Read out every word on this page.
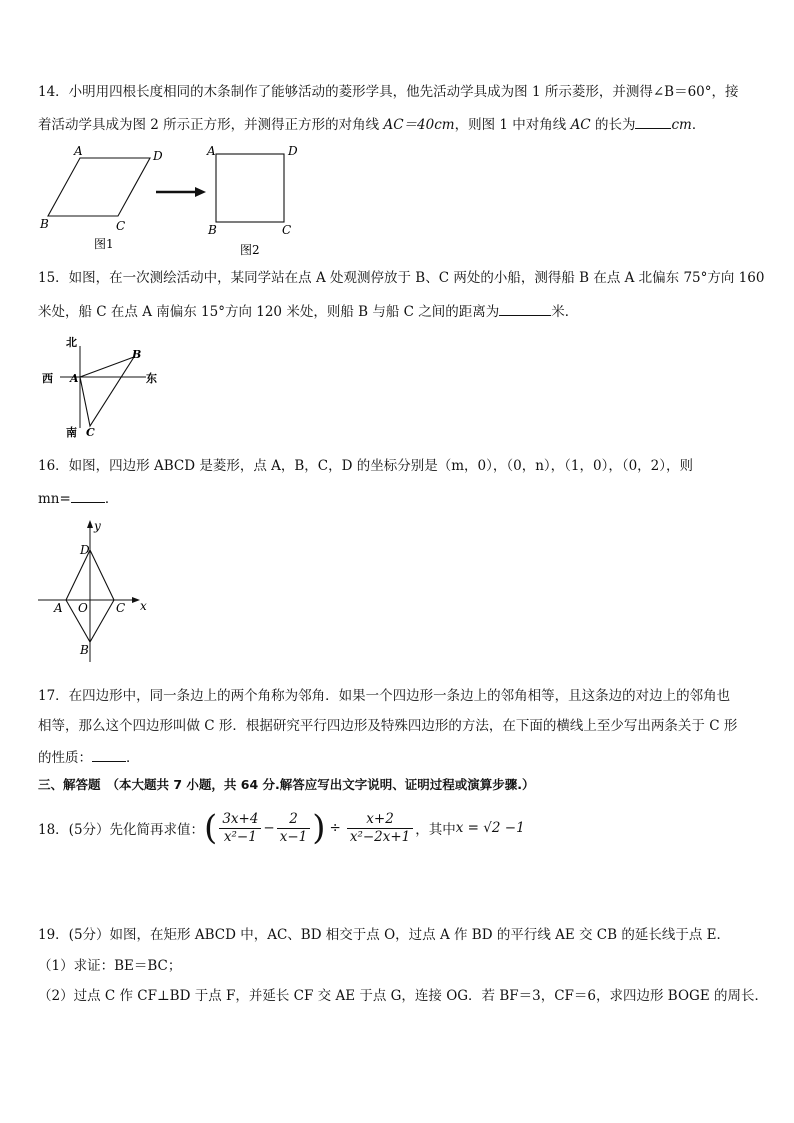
14．小明用四根长度相同的木条制作了能够活动的菱形学具，他先活动学具成为图 1 所示菱形，并测得∠B＝60°，接
着活动学具成为图 2 所示正方形，并测得正方形的对角线 AC＝40cm，则图 1 中对角线 AC 的长为	cm．
A	D
B	C
图1
A	D
B	C
图2
15．如图，在一次测绘活动中，某同学站在点 A 处观测停放于 B、C 两处的小船，测得船 B 在点 A 北偏东 75°方向 160
米处，船 C 在点 A 南偏东 15°方向 120 米处，则船 B 与船 C 之间的距离为	米．
北
南
西	东
A
B
C
16．如图，四边形 ABCD 是菱形，点 A，B，C，D 的坐标分别是（m，0），（0，n），（1，0），（0，2），则
mn=	．
y
x
D
A O C
B
17．在四边形中，同一条边上的两个角称为邻角．如果一个四边形一条边上的邻角相等，且这条边的对边上的邻角也
相等，那么这个四边形叫做 C 形．根据研究平行四边形及特殊四边形的方法，在下面的横线上至少写出两条关于 C 形
的性质：	．
三、解答题 （本大题共 7 小题，共 64 分.解答应写出文字说明、证明过程或演算步骤.）
18．(5分）先化简再求值： ( $\frac{3x+4}{\text{x²−1}} - \frac{2}{x-1}$ ) ÷ $\frac{x+2}{\text{x²−2x+1}}$ ，其中 x = √2 −1
19．(5分）如图，在矩形 ABCD 中，AC、BD 相交于点 O，过点 A 作 BD 的平行线 AE 交 CB 的延长线于点 E．
（1）求证：BE＝BC；
（2）过点 C 作 CF⊥BD 于点 F，并延长 CF 交 AE 于点 G，连接 OG．若 BF＝3，CF＝6，求四边形 BOGE 的周长．
